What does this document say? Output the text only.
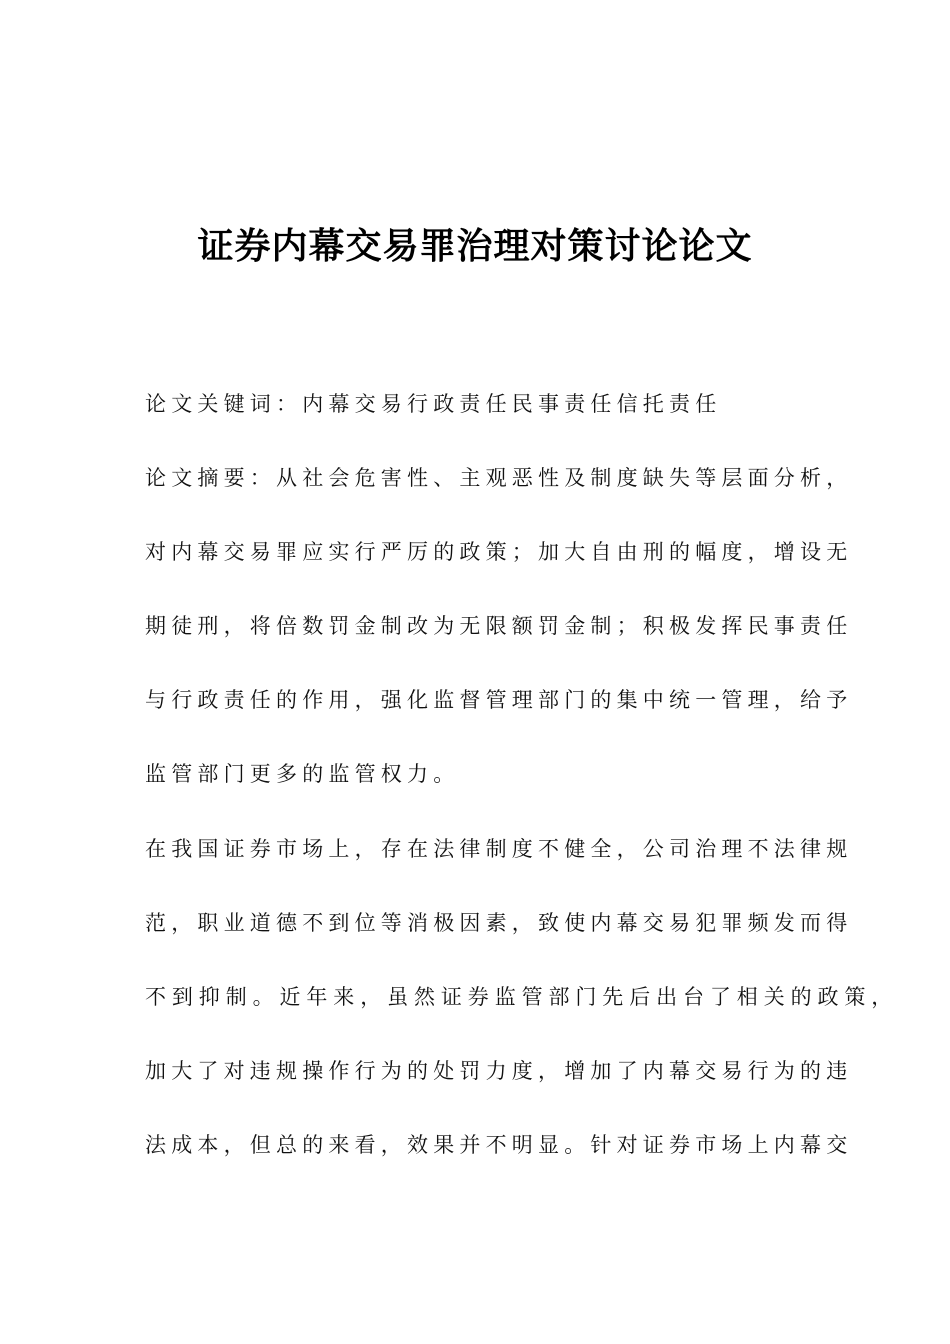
证券内幕交易罪治理对策讨论论文
论文关键词：内幕交易行政责任民事责任信托责任
论文摘要：从社会危害性、主观恶性及制度缺失等层面分析，
对内幕交易罪应实行严厉的政策；加大自由刑的幅度，增设无
期徒刑，将倍数罚金制改为无限额罚金制；积极发挥民事责任
与行政责任的作用，强化监督管理部门的集中统一管理，给予
监管部门更多的监管权力。
在我国证券市场上，存在法律制度不健全，公司治理不法律规
范，职业道德不到位等消极因素，致使内幕交易犯罪频发而得
不到抑制。近年来，虽然证券监管部门先后出台了相关的政策，
加大了对违规操作行为的处罚力度，增加了内幕交易行为的违
法成本，但总的来看，效果并不明显。针对证券市场上内幕交
